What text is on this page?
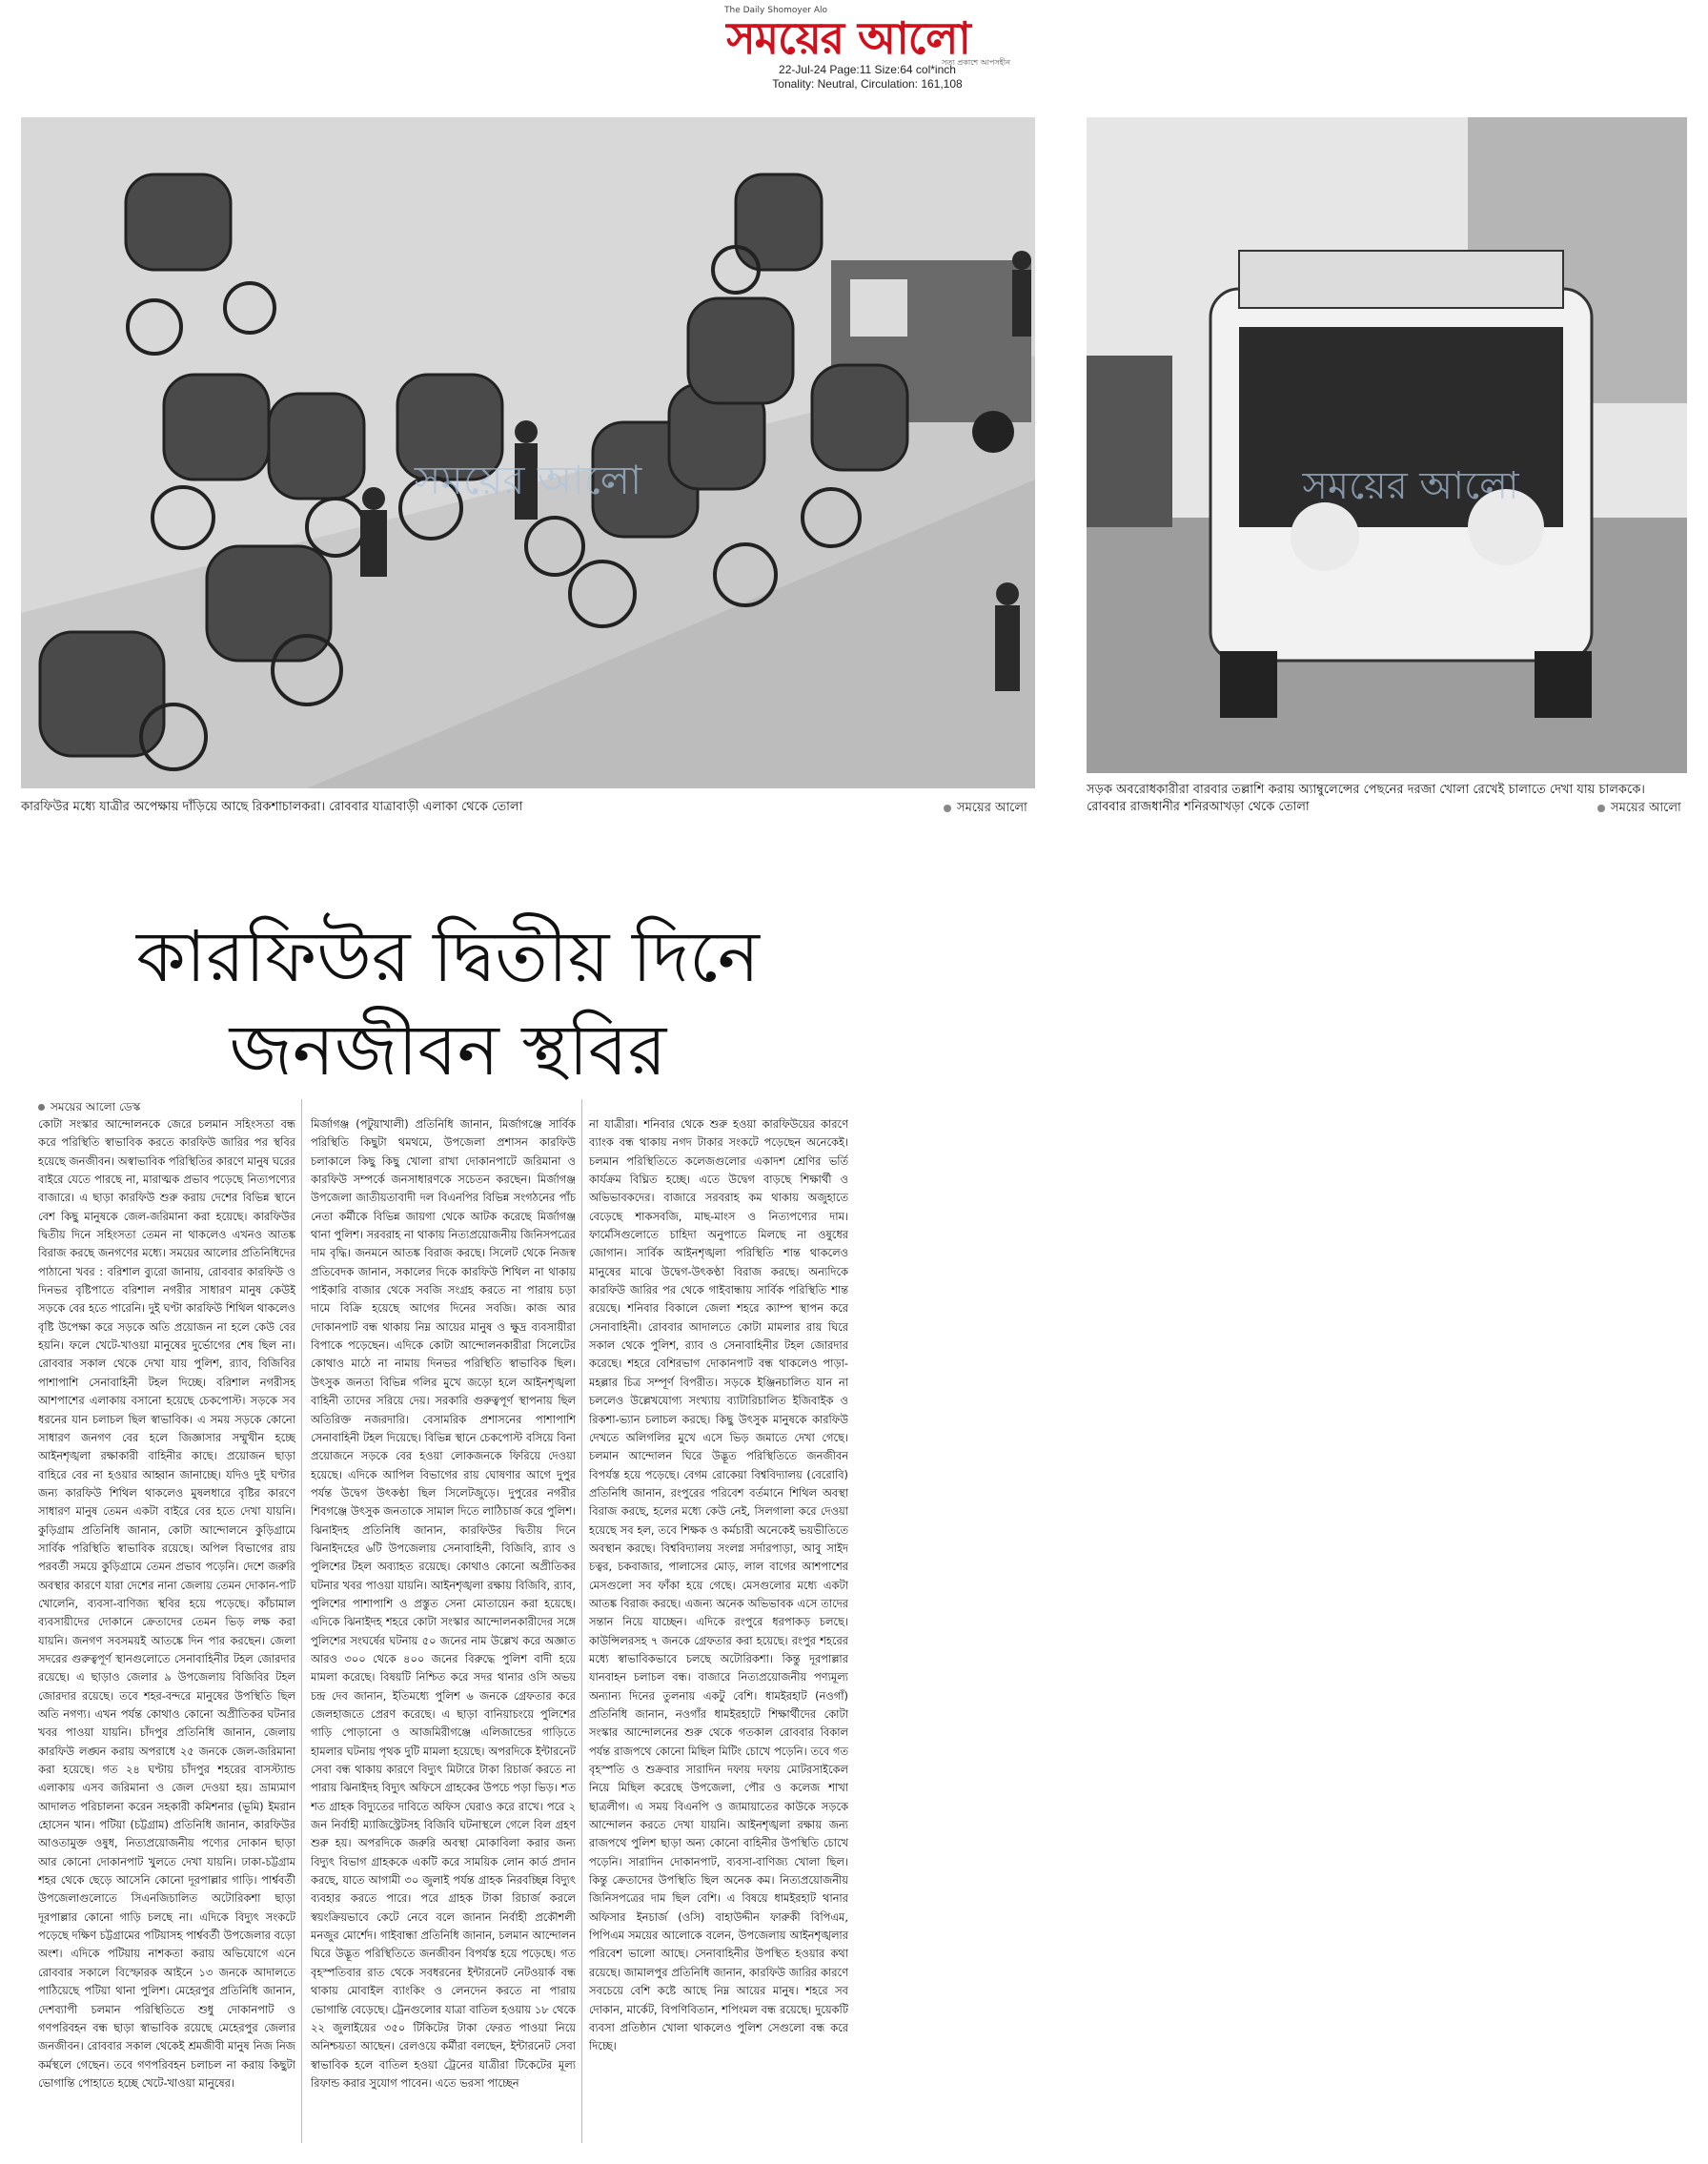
The Daily Shomoyer Alo
সময়ের আলো
সত্য প্রকাশে আপসহীন
22-Jul-24 Page:11 Size:64 col*inch
Tonality: Neutral, Circulation: 161,108
সময়ের আলো
কারফিউর মধ্যে যাত্রীর অপেক্ষায় দাঁড়িয়ে আছে রিকশাচালকরা। রোববার যাত্রাবাড়ী এলাকা থেকে তোলা	সময়ের আলো
সময়ের আলো
সড়ক অবরোধকারীরা বারবার তল্লাশি করায় অ্যাম্বুলেন্সের পেছনের দরজা খোলা রেখেই চালাতে দেখা যায় চালককে।
রোববার রাজধানীর শনিরআখড়া থেকে তোলা	সময়ের আলো
কারফিউর দ্বিতীয় দিনে
জনজীবন স্থবির
সময়ের আলো ডেস্ক

কোটা সংস্কার আন্দোলনকে জেরে চলমান সহিংসতা বন্ধ করে পরিস্থিতি স্বাভাবিক করতে কারফিউ জারির পর স্থবির হয়েছে জনজীবন। অস্বাভাবিক পরিস্থিতির কারণে মানুষ ঘরের বাইরে যেতে পারছে না, মারাত্মক প্রভাব পড়েছে নিত্যপণ্যের বাজারে। এ ছাড়া কারফিউ শুরু করায় দেশের বিভিন্ন স্থানে বেশ কিছু মানুষকে জেল-জরিমানা করা হয়েছে। কারফিউর দ্বিতীয় দিনে সহিংসতা তেমন না থাকলেও এখনও আতঙ্ক বিরাজ করছে জনগণের মধ্যে। সময়ের আলোর প্রতিনিধিদের পাঠানো খবর : বরিশাল ব্যুরো জানায়, রোববার কারফিউ ও দিনভর বৃষ্টিপাতে বরিশাল নগরীর সাধারণ মানুষ কেউই সড়কে বের হতে পারেনি। দুই ঘণ্টা কারফিউ শিথিল থাকলেও বৃষ্টি উপেক্ষা করে সড়কে অতি প্রয়োজন না হলে কেউ বের হয়নি। ফলে খেটে-খাওয়া মানুষের দুর্ভোগের শেষ ছিল না। রোববার সকাল থেকে দেখা যায় পুলিশ, র‌্যাব, বিজিবির পাশাপাশি সেনাবাহিনী টহল দিচ্ছে। বরিশাল নগরীসহ আশপাশের এলাকায় বসানো হয়েছে চেকপোস্ট। সড়কে সব ধরনের যান চলাচল ছিল স্বাভাবিক। এ সময় সড়কে কোনো সাধারণ জনগণ বের হলে জিজ্ঞাসার সম্মুখীন হচ্ছে আইনশৃঙ্খলা রক্ষাকারী বাহিনীর কাছে। প্রয়োজন ছাড়া বাহিরে বের না হওয়ার আহ্বান জানাচ্ছে। যদিও দুই ঘণ্টার জন্য কারফিউ শিথিল থাকলেও মুষলধারে বৃষ্টির কারণে সাধারণ মানুষ তেমন একটা বাইরে বের হতে দেখা যায়নি। কুড়িগ্রাম প্রতিনিধি জানান, কোটা আন্দোলনে কুড়িগ্রামে সার্বিক পরিস্থিতি স্বাভাবিক রয়েছে। অপিল বিভাগের রায় পরবর্তী সময়ে কুড়িগ্রামে তেমন প্রভাব পড়েনি। দেশে জরুরি অবস্থার কারণে যারা দেশের নানা জেলায় তেমন দোকান-পাট খোলেনি, ব্যবসা-বাণিজ্য স্থবির হয়ে পড়েছে। কাঁচামাল ব্যবসায়ীদের দোকানে ক্রেতাদের তেমন ভিড় লক্ষ করা যায়নি। জনগণ সবসময়ই আতঙ্কে দিন পার করছেন। জেলা সদরের গুরুত্বপূর্ণ স্থানগুলোতে সেনাবাহিনীর টহল জোরদার রয়েছে। এ ছাড়াও জেলার ৯ উপজেলায় বিজিবির টহল জোরদার রয়েছে। তবে শহর-বন্দরে মানুষের উপস্থিতি ছিল অতি নগণ্য। এখন পর্যন্ত কোথাও কোনো অপ্রীতিকর ঘটনার খবর পাওয়া যায়নি। চাঁদপুর প্রতিনিধি জানান, জেলায় কারফিউ লঙ্ঘন করায় অপরাধে ২৫ জনকে জেল-জরিমানা করা হয়েছে। গত ২৪ ঘণ্টায় চাঁদপুর শহরের বাসস্ট্যান্ড এলাকায় এসব জরিমানা ও জেল দেওয়া হয়। ভ্রাম্যমাণ আদালত পরিচালনা করেন সহকারী কমিশনার (ভূমি) ইমরান হোসেন খান। পটিয়া (চট্টগ্রাম) প্রতিনিধি জানান, কারফিউর আওতামুক্ত ওষুধ, নিত্যপ্রয়োজনীয় পণ্যের দোকান ছাড়া আর কোনো দোকানপাট খুলতে দেখা যায়নি। ঢাকা-চট্টগ্রাম শহর থেকে ছেড়ে আসেনি কোনো দূরপাল্লার গাড়ি। পার্শ্ববর্তী উপজেলাগুলোতে সিএনজিচালিত অটোরিকশা ছাড়া দূরপাল্লার কোনো গাড়ি চলছে না। এদিকে বিদ্যুৎ সংকটে পড়েছে দক্ষিণ চট্টগ্রামের পটিয়াসহ পার্শ্ববর্তী উপজেলার বড়ো অংশ। এদিকে পটিয়ায় নাশকতা করায় অভিযোগে এনে রোববার সকালে বিস্ফোরক আইনে ১৩ জনকে আদালতে পাঠিয়েছে পটিয়া থানা পুলিশ। মেহেরপুর প্রতিনিধি জানান, দেশব্যাপী চলমান পরিস্থিতিতে শুধু দোকানপাট ও গণপরিবহন বন্ধ ছাড়া স্বাভাবিক রয়েছে মেহেরপুর জেলার জনজীবন। রোববার সকাল থেকেই শ্রমজীবী মানুষ নিজ নিজ কর্মস্থলে গেছেন। তবে গণপরিবহন চলাচল না করায় কিছুটা ভোগান্তি পোহাতে হচ্ছে খেটে-খাওয়া মানুষের।

মির্জাগঞ্জ (পটুয়াখালী) প্রতিনিধি জানান, মির্জাগঞ্জে সার্বিক পরিস্থিতি কিছুটা থমথমে, উপজেলা প্রশাসন কারফিউ চলাকালে কিছু কিছু খোলা রাখা দোকানপাটে জরিমানা ও কারফিউ সম্পর্কে জনসাধারণকে সচেতন করছেন। মির্জাগঞ্জ উপজেলা জাতীয়তাবাদী দল বিএনপির বিভিন্ন সংগঠনের পাঁচ নেতা কর্মীকে বিভিন্ন জায়গা থেকে আটক করেছে মির্জাগঞ্জ থানা পুলিশ। সরবরাহ না থাকায় নিত্যপ্রয়োজনীয় জিনিসপত্রের দাম বৃদ্ধি। জনমনে আতঙ্ক বিরাজ করছে। সিলেট থেকে নিজস্ব প্রতিবেদক জানান, সকালের দিকে কারফিউ শিথিল না থাকায় পাইকারি বাজার থেকে সবজি সংগ্রহ করতে না পারায় চড়া দামে বিক্রি হয়েছে আগের দিনের সবজি। কাজ আর দোকানপাট বন্ধ থাকায় নিম্ন আয়ের মানুষ ও ক্ষুদ্র ব্যবসায়ীরা বিপাকে পড়েছেন। এদিকে কোটা আন্দোলনকারীরা সিলেটের কোথাও মাঠে না নামায় দিনভর পরিস্থিতি স্বাভাবিক ছিল। উৎসুক জনতা বিভিন্ন গলির মুখে জড়ো হলে আইনশৃঙ্খলা বাহিনী তাদের সরিয়ে দেয়। সরকারি গুরুত্বপূর্ণ স্থাপনায় ছিল অতিরিক্ত নজরদারি। বেসামরিক প্রশাসনের পাশাপাশি সেনাবাহিনী টহল দিয়েছে। বিভিন্ন স্থানে চেকপোস্ট বসিয়ে বিনা প্রয়োজনে সড়কে বের হওয়া লোকজনকে ফিরিয়ে দেওয়া হয়েছে। এদিকে আপিল বিভাগের রায় ঘোষণার আগে দুপুর পর্যন্ত উদ্বেগ উৎকণ্ঠা ছিল সিলেটজুড়ে। দুপুরের নগরীর শিবগঞ্জে উৎসুক জনতাকে সামাল দিতে লাঠিচার্জ করে পুলিশ। ঝিনাইদহ প্রতিনিধি জানান, কারফিউর দ্বিতীয় দিনে ঝিনাইদহের ৬টি উপজেলায় সেনাবাহিনী, বিজিবি, র‌্যাব ও পুলিশের টহল অব্যাহত রয়েছে। কোথাও কোনো অপ্রীতিকর ঘটনার খবর পাওয়া যায়নি। আইনশৃঙ্খলা রক্ষায় বিজিবি, র‌্যাব, পুলিশের পাশাপাশি ও প্রস্তুত সেনা মোতায়েন করা হয়েছে। এদিকে ঝিনাইদহ শহরে কোটা সংস্কার আন্দোলনকারীদের সঙ্গে পুলিশের সংঘর্ষের ঘটনায় ৫০ জনের নাম উল্লেখ করে অজ্ঞাত আরও ৩০০ থেকে ৪০০ জনের বিরুদ্ধে পুলিশ বাদী হয়ে মামলা করেছে। বিষয়টি নিশ্চিত করে সদর থানার ওসি অভয় চন্দ্র দেব জানান, ইতিমধ্যে পুলিশ ৬ জনকে গ্রেফতার করে জেলহাজতে প্রেরণ করেছে। এ ছাড়া বানিয়াচংয়ে পুলিশের গাড়ি পোড়ানো ও আজমিরীগঞ্জে এলিজান্ডের গাড়িতে হামলার ঘটনায় পৃথক দুটি মামলা হয়েছে। অপরদিকে ইন্টারনেট সেবা বন্ধ থাকায় কারণে বিদ্যুৎ মিটারে টাকা রিচার্জ করতে না পারায় ঝিনাইদহ বিদ্যুৎ অফিসে গ্রাহকের উপচে পড়া ভিড়। শত শত গ্রাহক বিদ্যুতের দাবিতে অফিস ঘেরাও করে রাখে। পরে ২ জন নির্বাহী ম্যাজিস্ট্রেটসহ বিজিবি ঘটনাস্থলে গেলে বিল গ্রহণ শুরু হয়। অপরদিকে জরুরি অবস্থা মোকাবিলা করার জন্য বিদ্যুৎ বিভাগ গ্রাহককে একটি করে সাময়িক লোন কার্ড প্রদান করছে, যাতে আগামী ৩০ জুলাই পর্যন্ত গ্রাহক নিরবচ্ছিন্ন বিদ্যুৎ ব্যবহার করতে পারে। পরে গ্রাহক টাকা রিচার্জ করলে স্বয়ংক্রিয়ভাবে কেটে নেবে বলে জানান নির্বাহী প্রকৌশলী মনজুর মোর্শেদ। গাইবান্ধা প্রতিনিধি জানান, চলমান আন্দোলন ঘিরে উদ্ভূত পরিস্থিতিতে জনজীবন বিপর্যস্ত হয়ে পড়েছে। গত বৃহস্পতিবার রাত থেকে সবধরনের ইন্টারনেট নেটওয়ার্ক বন্ধ থাকায় মোবাইল ব্যাংকিং ও লেনদেন করতে না পারায় ভোগান্তি বেড়েছে। ট্রেনগুলোর যাত্রা বাতিল হওয়ায় ১৮ থেকে ২২ জুলাইয়ের ৩৫০ টিকিটের টাকা ফেরত পাওয়া নিয়ে অনিশ্চয়তা আছেন। রেলওয়ে কর্মীরা বলছেন, ইন্টারনেট সেবা স্বাভাবিক হলে বাতিল হওয়া ট্রেনের যাত্রীরা টিকেটের মূল্য রিফান্ড করার সুযোগ পাবেন। এতে ভরসা পাচ্ছেন

না যাত্রীরা। শনিবার থেকে শুরু হওয়া কারফিউয়ের কারণে ব্যাংক বন্ধ থাকায় নগদ টাকার সংকটে পড়েছেন অনেকেই। চলমান পরিস্থিতিতে কলেজগুলোর একাদশ শ্রেণির ভর্তি কার্যক্রম বিঘ্নিত হচ্ছে। এতে উদ্বেগ বাড়ছে শিক্ষার্থী ও অভিভাবকদের। বাজারে সরবরাহ কম থাকায় অজুহাতে বেড়েছে শাকসবজি, মাছ-মাংস ও নিত্যপণ্যের দাম। ফার্মেসিগুলোতে চাহিদা অনুপাতে মিলছে না ওষুধের জোগান। সার্বিক আইনশৃঙ্খলা পরিস্থিতি শান্ত থাকলেও মানুষের মাঝে উদ্বেগ-উৎকণ্ঠা বিরাজ করছে। অন্যদিকে কারফিউ জারির পর থেকে গাইবান্ধায় সার্বিক পরিস্থিতি শান্ত রয়েছে। শনিবার বিকালে জেলা শহরে ক্যাম্প স্থাপন করে সেনাবাহিনী। রোববার আদালতে কোটা মামলার রায় ঘিরে সকাল থেকে পুলিশ, র‌্যাব ও সেনাবাহিনীর টহল জোরদার করেছে। শহরে বেশিরভাগ দোকানপাট বন্ধ থাকলেও পাড়া-মহল্লার চিত্র সম্পূর্ণ বিপরীত। সড়কে ইঞ্জিনচালিত যান না চললেও উল্লেখযোগ্য সংখ্যায় ব্যাটারিচালিত ইজিবাইক ও রিকশা-ভ্যান চলাচল করছে। কিছু উৎসুক মানুষকে কারফিউ দেখতে অলিগলির মুখে এসে ভিড় জমাতে দেখা গেছে। চলমান আন্দোলন ঘিরে উদ্ভূত পরিস্থিতিতে জনজীবন বিপর্যস্ত হয়ে পড়েছে। বেগম রোকেয়া বিশ্ববিদ্যালয় (বেরোবি) প্রতিনিধি জানান, রংপুরের পরিবেশ বর্তমানে শিথিল অবস্থা বিরাজ করছে, হলের মধ্যে কেউ নেই, সিলগালা করে দেওয়া হয়েছে সব হল, তবে শিক্ষক ও কর্মচারী অনেকেই ভয়ভীতিতে অবস্থান করছে। বিশ্ববিদ্যালয় সংলগ্ন সর্দারপাড়া, আবু সাইদ চত্বর, চকবাজার, পালাসের মোড়, লাল বাগের আশপাশের মেসগুলো সব ফাঁকা হয়ে গেছে। মেসগুলোর মধ্যে একটা আতঙ্ক বিরাজ করছে। এজন্য অনেক অভিভাবক এসে তাদের সন্তান নিয়ে যাচ্ছেন। এদিকে রংপুরে ধরপাকড় চলছে। কাউন্সিলরসহ ৭ জনকে গ্রেফতার করা হয়েছে। রংপুর শহরের মধ্যে স্বাভাবিকভাবে চলছে অটোরিকশা। কিন্তু দূরপাল্লার যানবাহন চলাচল বন্ধ। বাজারে নিত্যপ্রয়োজনীয় পণ্যমূল্য অন্যান্য দিনের তুলনায় একটু বেশি। ধামইরহাট (নওগাঁ) প্রতিনিধি জানান, নওগাঁর ধামইরহাটে শিক্ষার্থীদের কোটা সংস্কার আন্দোলনের শুরু থেকে গতকাল রোববার বিকাল পর্যন্ত রাজপথে কোনো মিছিল মিটিং চোখে পড়েনি। তবে গত বৃহস্পতি ও শুক্রবার সারাদিন দফায় দফায় মোটরসাইকেল নিয়ে মিছিল করেছে উপজেলা, পৌর ও কলেজ শাখা ছাত্রলীগ। এ সময় বিএনপি ও জামায়াতের কাউকে সড়কে আন্দোলন করতে দেখা যায়নি। আইনশৃঙ্খলা রক্ষায় জন্য রাজপথে পুলিশ ছাড়া অন্য কোনো বাহিনীর উপস্থিতি চোখে পড়েনি। সারাদিন দোকানপাট, ব্যবসা-বাণিজ্য খোলা ছিল। কিন্তু ক্রেতাদের উপস্থিতি ছিল অনেক কম। নিত্যপ্রয়োজনীয় জিনিসপত্রের দাম ছিল বেশি। এ বিষয়ে ধামইরহাট থানার অফিসার ইনচার্জ (ওসি) বাহাউদ্দীন ফারুকী বিপিএম, পিপিএম সময়ের আলোকে বলেন, উপজেলায় আইনশৃঙ্খলার পরিবেশ ভালো আছে। সেনাবাহিনীর উপস্থিত হওয়ার কথা রয়েছে। জামালপুর প্রতিনিধি জানান, কারফিউ জারির কারণে সবচেয়ে বেশি কষ্টে আছে নিম্ন আয়ের মানুষ। শহরে সব দোকান, মার্কেট, বিপণিবিতান, শপিংমল বন্ধ রয়েছে। দুয়েকটি ব্যবসা প্রতিষ্ঠান খোলা থাকলেও পুলিশ সেগুলো বন্ধ করে দিচ্ছে।
